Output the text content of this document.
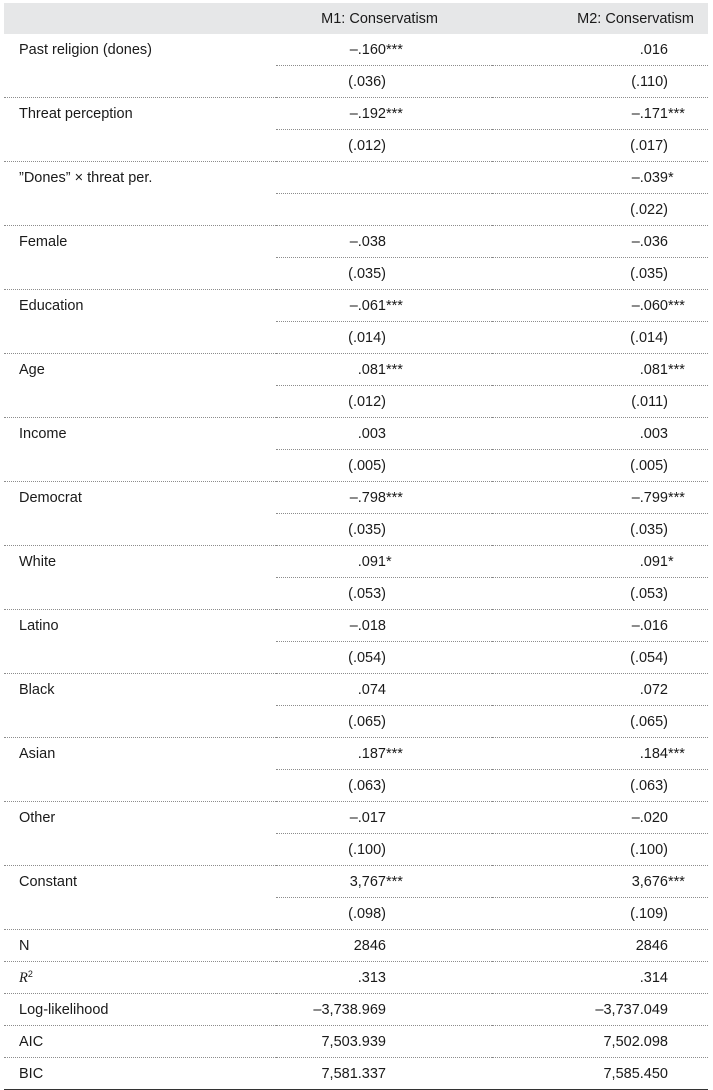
	M1: Conservatism	M2: Conservatism
Past religion (dones)	–.160***	.016
	(.036)	(.110)
Threat perception	–.192***	–.171***
	(.012)	(.017)
”Dones” × threat per.		–.039*
		(.022)
Female	–.038	–.036
	(.035)	(.035)
Education	–.061***	–.060***
	(.014)	(.014)
Age	.081***	.081***
	(.012)	(.011)
Income	.003	.003
	(.005)	(.005)
Democrat	–.798***	–.799***
	(.035)	(.035)
White	.091*	.091*
	(.053)	(.053)
Latino	–.018	–.016
	(.054)	(.054)
Black	.074	.072
	(.065)	(.065)
Asian	.187***	.184***
	(.063)	(.063)
Other	–.017	–.020
	(.100)	(.100)
Constant	3,767***	3,676***
	(.098)	(.109)
N	2846	2846
$R^2$	.313	.314
Log-likelihood	–3,738.969	–3,737.049
AIC	7,503.939	7,502.098
BIC	7,581.337	7,585.450
